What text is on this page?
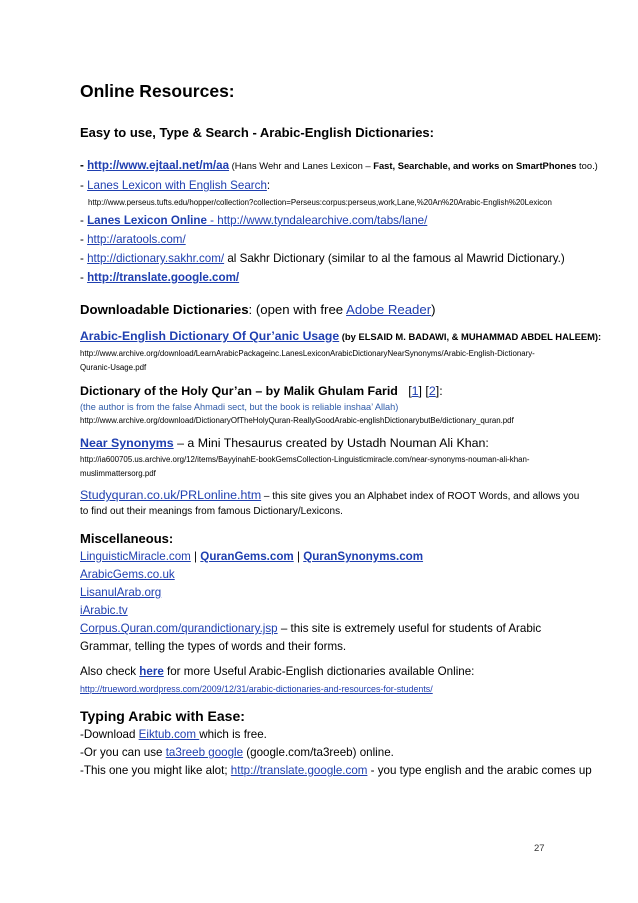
Online Resources:
Easy to use, Type & Search - Arabic-English Dictionaries:
- http://www.ejtaal.net/m/aa (Hans Wehr and Lanes Lexicon – Fast, Searchable, and works on SmartPhones too.)
- Lanes Lexicon with English Search:
http://www.perseus.tufts.edu/hopper/collection?collection=Perseus:corpus:perseus,work,Lane,%20An%20Arabic-English%20Lexicon
- Lanes Lexicon Online - http://www.tyndalearchive.com/tabs/lane/
- http://aratools.com/
- http://dictionary.sakhr.com/ al Sakhr Dictionary (similar to al the famous al Mawrid Dictionary.)
- http://translate.google.com/
Downloadable Dictionaries: (open with free Adobe Reader)
Arabic-English Dictionary Of Qur’anic Usage (by ELSAID M. BADAWI, & MUHAMMAD ABDEL HALEEM):
http://www.archive.org/download/LearnArabicPackageinc.LanesLexiconArabicDictionaryNearSynonyms/Arabic-English-Dictionary-
Quranic-Usage.pdf
Dictionary of the Holy Qur’an – by Malik Ghulam Farid [1] [2]:
(the author is from the false Ahmadi sect, but the book is reliable inshaa’ Allah)
http://www.archive.org/download/DictionaryOfTheHolyQuran-ReallyGoodArabic-englishDictionarybutBe/dictionary_quran.pdf
Near Synonyms – a Mini Thesaurus created by Ustadh Nouman Ali Khan:
http://ia600705.us.archive.org/12/items/BayyinahE-bookGemsCollection-Linguisticmiracle.com/near-synonyms-nouman-ali-khan-
muslimmattersorg.pdf
Studyquran.co.uk/PRLonline.htm – this site gives you an Alphabet index of ROOT Words, and allows you
to find out their meanings from famous Dictionary/Lexicons.
Miscellaneous:
LinguisticMiracle.com | QuranGems.com | QuranSynonyms.com
ArabicGems.co.uk
LisanulArab.org
iArabic.tv
Corpus.Quran.com/qurandictionary.jsp – this site is extremely useful for students of Arabic
Grammar, telling the types of words and their forms.
Also check here for more Useful Arabic-English dictionaries available Online:
http://trueword.wordpress.com/2009/12/31/arabic-dictionaries-and-resources-for-students/
Typing Arabic with Ease:
-Download Eiktub.com which is free.
-Or you can use ta3reeb google (google.com/ta3reeb) online.
-This one you might like alot; http://translate.google.com - you type english and the arabic comes up
27
